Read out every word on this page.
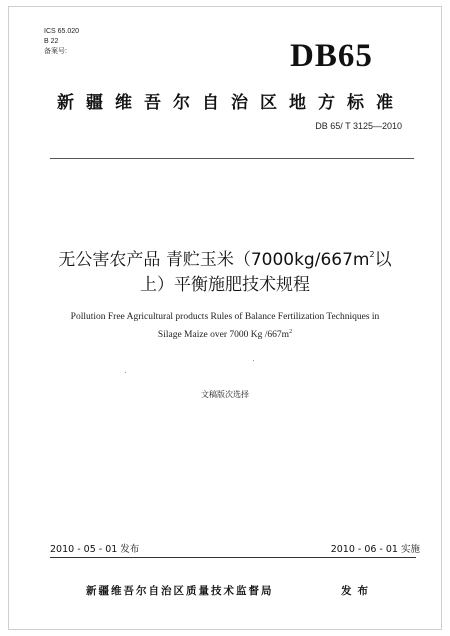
ICS 65.020
B 22
备案号:	DB65
新疆维吾尔自治区地方标准
DB 65/ T 3125—2010
无公害农产品 青贮玉米（$7000kg/667m^2$以
上）平衡施肥技术规程
Pollution Free Agricultural products Rules of Balance Fertilization Techniques in
Silage Maize over 7000 Kg $/667m^2$
文稿版次选择
2010 - 05 - 01 发布	2010 - 06 - 01 实施
新疆维吾尔自治区质量技术监督局	发布
